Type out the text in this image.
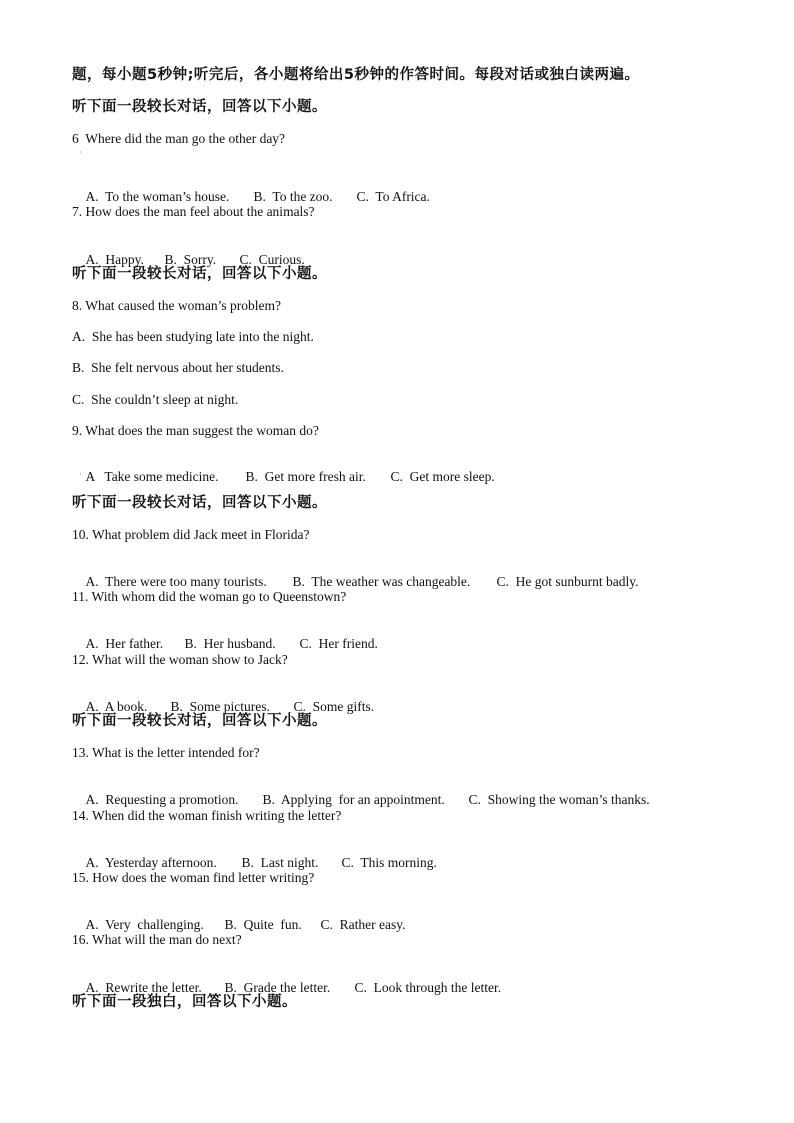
题，每小题5秒钟;听完后，各小题将给出5秒钟的作答时间。每段对话或独白读两遍。
听下面一段较长对话，回答以下小题。
6  Where did the man go the other day?
·

A.  To the woman’s house. B.  To the zoo. C.  To Africa.

7. How does the man feel about the animals?

A.  Happy. B.  Sorry. C.  Curious.

听下面一段较长对话，回答以下小题。
8. What caused the woman’s problem?
A.  She has been studying late into the night.
B.  She felt nervous about her students.
C.  She couldn’t sleep at night.
9. What does the man suggest the woman do?

A   Take some medicine. B.  Get more fresh air. C.  Get more sleep.

·
听下面一段较长对话，回答以下小题。
10. What problem did Jack meet in Florida?

A.  There were too many tourists. B.  The weather was changeable. C.  He got sunburnt badly.

11. With whom did the woman go to Queenstown?

A.  Her father. B.  Her husband. C.  Her friend.

12. What will the woman show to Jack?

A.  A book. B.  Some pictures. C.  Some gifts.

听下面一段较长对话，回答以下小题。
13. What is the letter intended for?

A.  Requesting a promotion. B.  Applying  for an appointment. C.  Showing the woman’s thanks.

14. When did the woman finish writing the letter?

A.  Yesterday afternoon. B.  Last night. C.  This morning.

15. How does the woman find letter writing?

A.  Very  challenging. B.  Quite  fun. C.  Rather easy.

16. What will the man do next?

A.  Rewrite the letter. B.  Grade the letter. C.  Look through the letter.

听下面一段独白，回答以下小题。
